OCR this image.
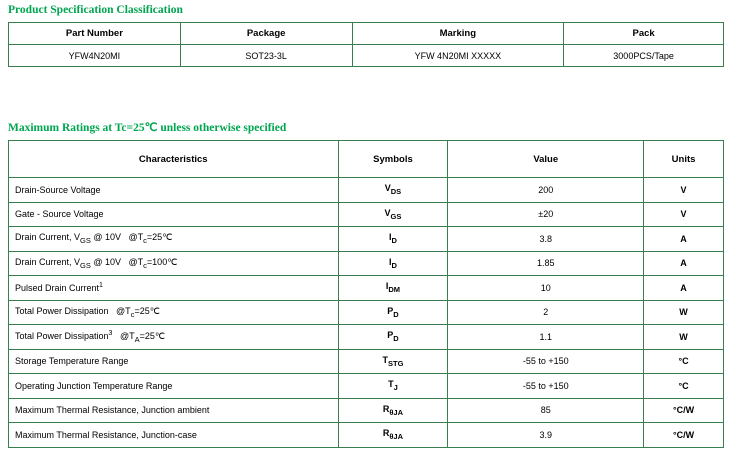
Product Specification Classification
Part Number	Package	Marking	Pack
YFW4N20MI	SOT23-3L	YFW 4N20MI XXXXX	3000PCS/Tape
Maximum Ratings at Tc=25℃ unless otherwise specified
Characteristics	Symbols	Value	Units
Drain-Source Voltage	$V_{DS}$	200	V
Gate - Source Voltage	$V_{GS}$	±20	V
Drain Current, $V_{GS}$ @ 10V   $@T_c=25℃$	$I_D$	3.8	A
Drain Current, $V_{GS}$ @ 10V   $@T_c=100℃$	$I_D$	1.85	A
Pulsed Drain Current$^1$	$I_{DM}$	10	A
Total Power Dissipation   $@T_c=25℃$	$P_D$	2	W
Total Power Dissipation$^3$   $@T_A=25℃$	$P_D$	1.1	W
Storage Temperature Range	$T_{STG}$	-55 to +150	°C
Operating Junction Temperature Range	$T_J$	-55 to +150	°C
Maximum Thermal Resistance, Junction ambient	$R_{\theta JA}$	85	°C/W
Maximum Thermal Resistance, Junction-case	$R_{\theta JA}$	3.9	°C/W
